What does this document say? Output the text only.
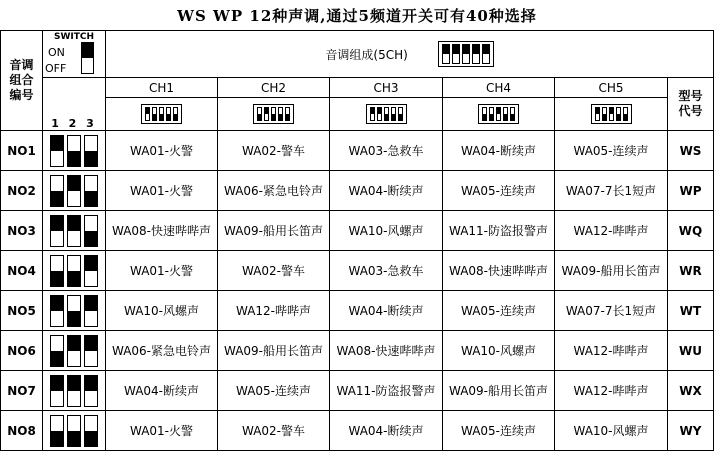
WS WP 12种声调,通过5频道开关可有40种选择
音调组合编号	SWITCH
ON
OFF	音调组成(5CH)					

	1 2 3	CH1	CH2	CH3	CH4	CH5	型号代号

NO1		WA01-火警	WA02-警车	WA03-急救车	WA04-断续声	WA05-连续声	WS
NO2		WA01-火警	WA06-紧急电铃声	WA04-断续声	WA05-连续声	WA07-7长1短声	WP
NO3		WA08-快速哔哔声	WA09-船用长笛声	WA10-风螺声	WA11-防盗报警声	WA12-哔哔声	WQ
NO4		WA01-火警	WA02-警车	WA03-急救车	WA08-快速哔哔声	WA09-船用长笛声	WR
NO5		WA10-风螺声	WA12-哔哔声	WA04-断续声	WA05-连续声	WA07-7长1短声	WT
NO6		WA06-紧急电铃声	WA09-船用长笛声	WA08-快速哔哔声	WA10-风螺声	WA12-哔哔声	WU
NO7		WA04-断续声	WA05-连续声	WA11-防盗报警声	WA09-船用长笛声	WA12-哔哔声	WX
NO8		WA01-火警	WA02-警车	WA04-断续声	WA05-连续声	WA10-风螺声	WY
